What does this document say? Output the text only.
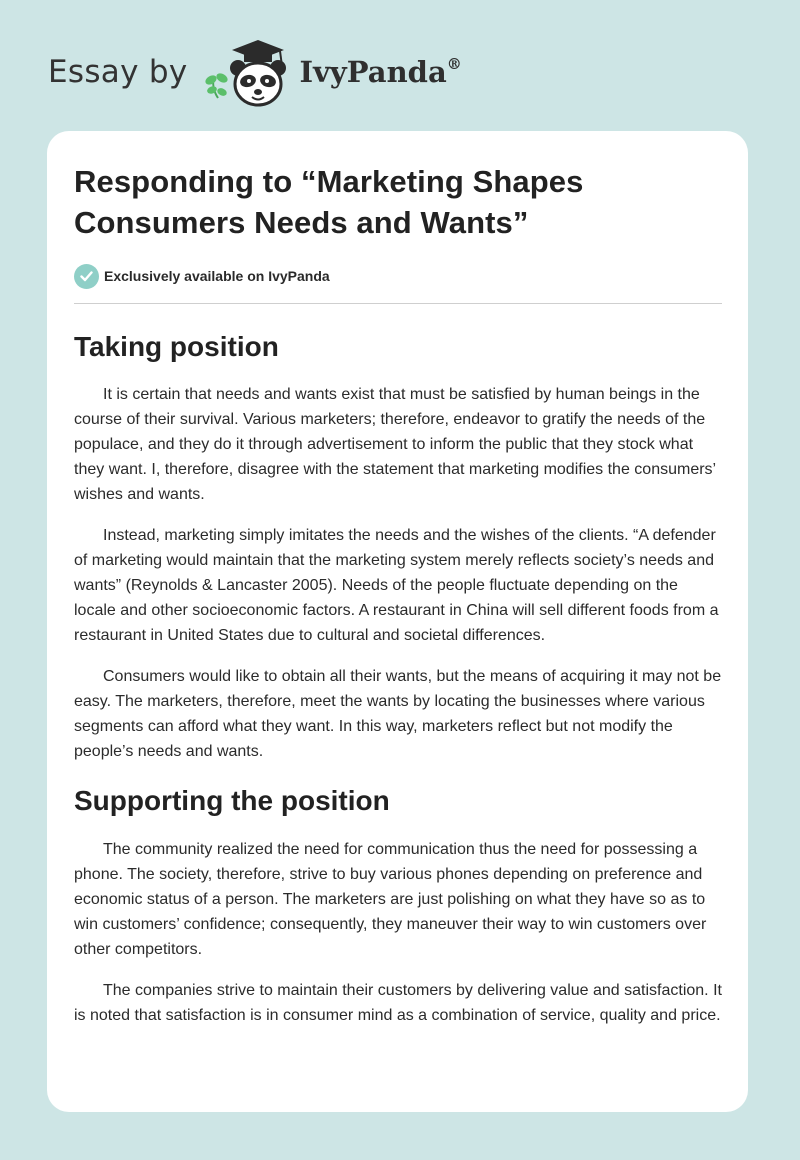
Essay by	IvyPanda®
Responding to “Marketing Shapes
Consumers Needs and Wants”
Exclusively available on IvyPanda
Taking position

It is certain that needs and wants exist that must be satisfied by human beings in the course of their survival. Various marketers; therefore, endeavor to gratify the needs of the populace, and they do it through advertisement to inform the public that they stock what they want. I, therefore, disagree with the statement that marketing modifies the consumers’ wishes and wants.

Instead, marketing simply imitates the needs and the wishes of the clients. “A defender of marketing would maintain that the marketing system merely reflects society’s needs and wants” (Reynolds & Lancaster 2005). Needs of the people fluctuate depending on the locale and other socioeconomic factors. A restaurant in China will sell different foods from a restaurant in United States due to cultural and societal differences.

Consumers would like to obtain all their wants, but the means of acquiring it may not be easy. The marketers, therefore, meet the wants by locating the businesses where various segments can afford what they want. In this way, marketers reflect but not modify the people’s needs and wants.

Supporting the position

The community realized the need for communication thus the need for possessing a phone. The society, therefore, strive to buy various phones depending on preference and economic status of a person. The marketers are just polishing on what they have so as to win customers’ confidence; consequently, they maneuver their way to win customers over other competitors.

The companies strive to maintain their customers by delivering value and satisfaction. It is noted that satisfaction is in consumer mind as a combination of service, quality and price.
